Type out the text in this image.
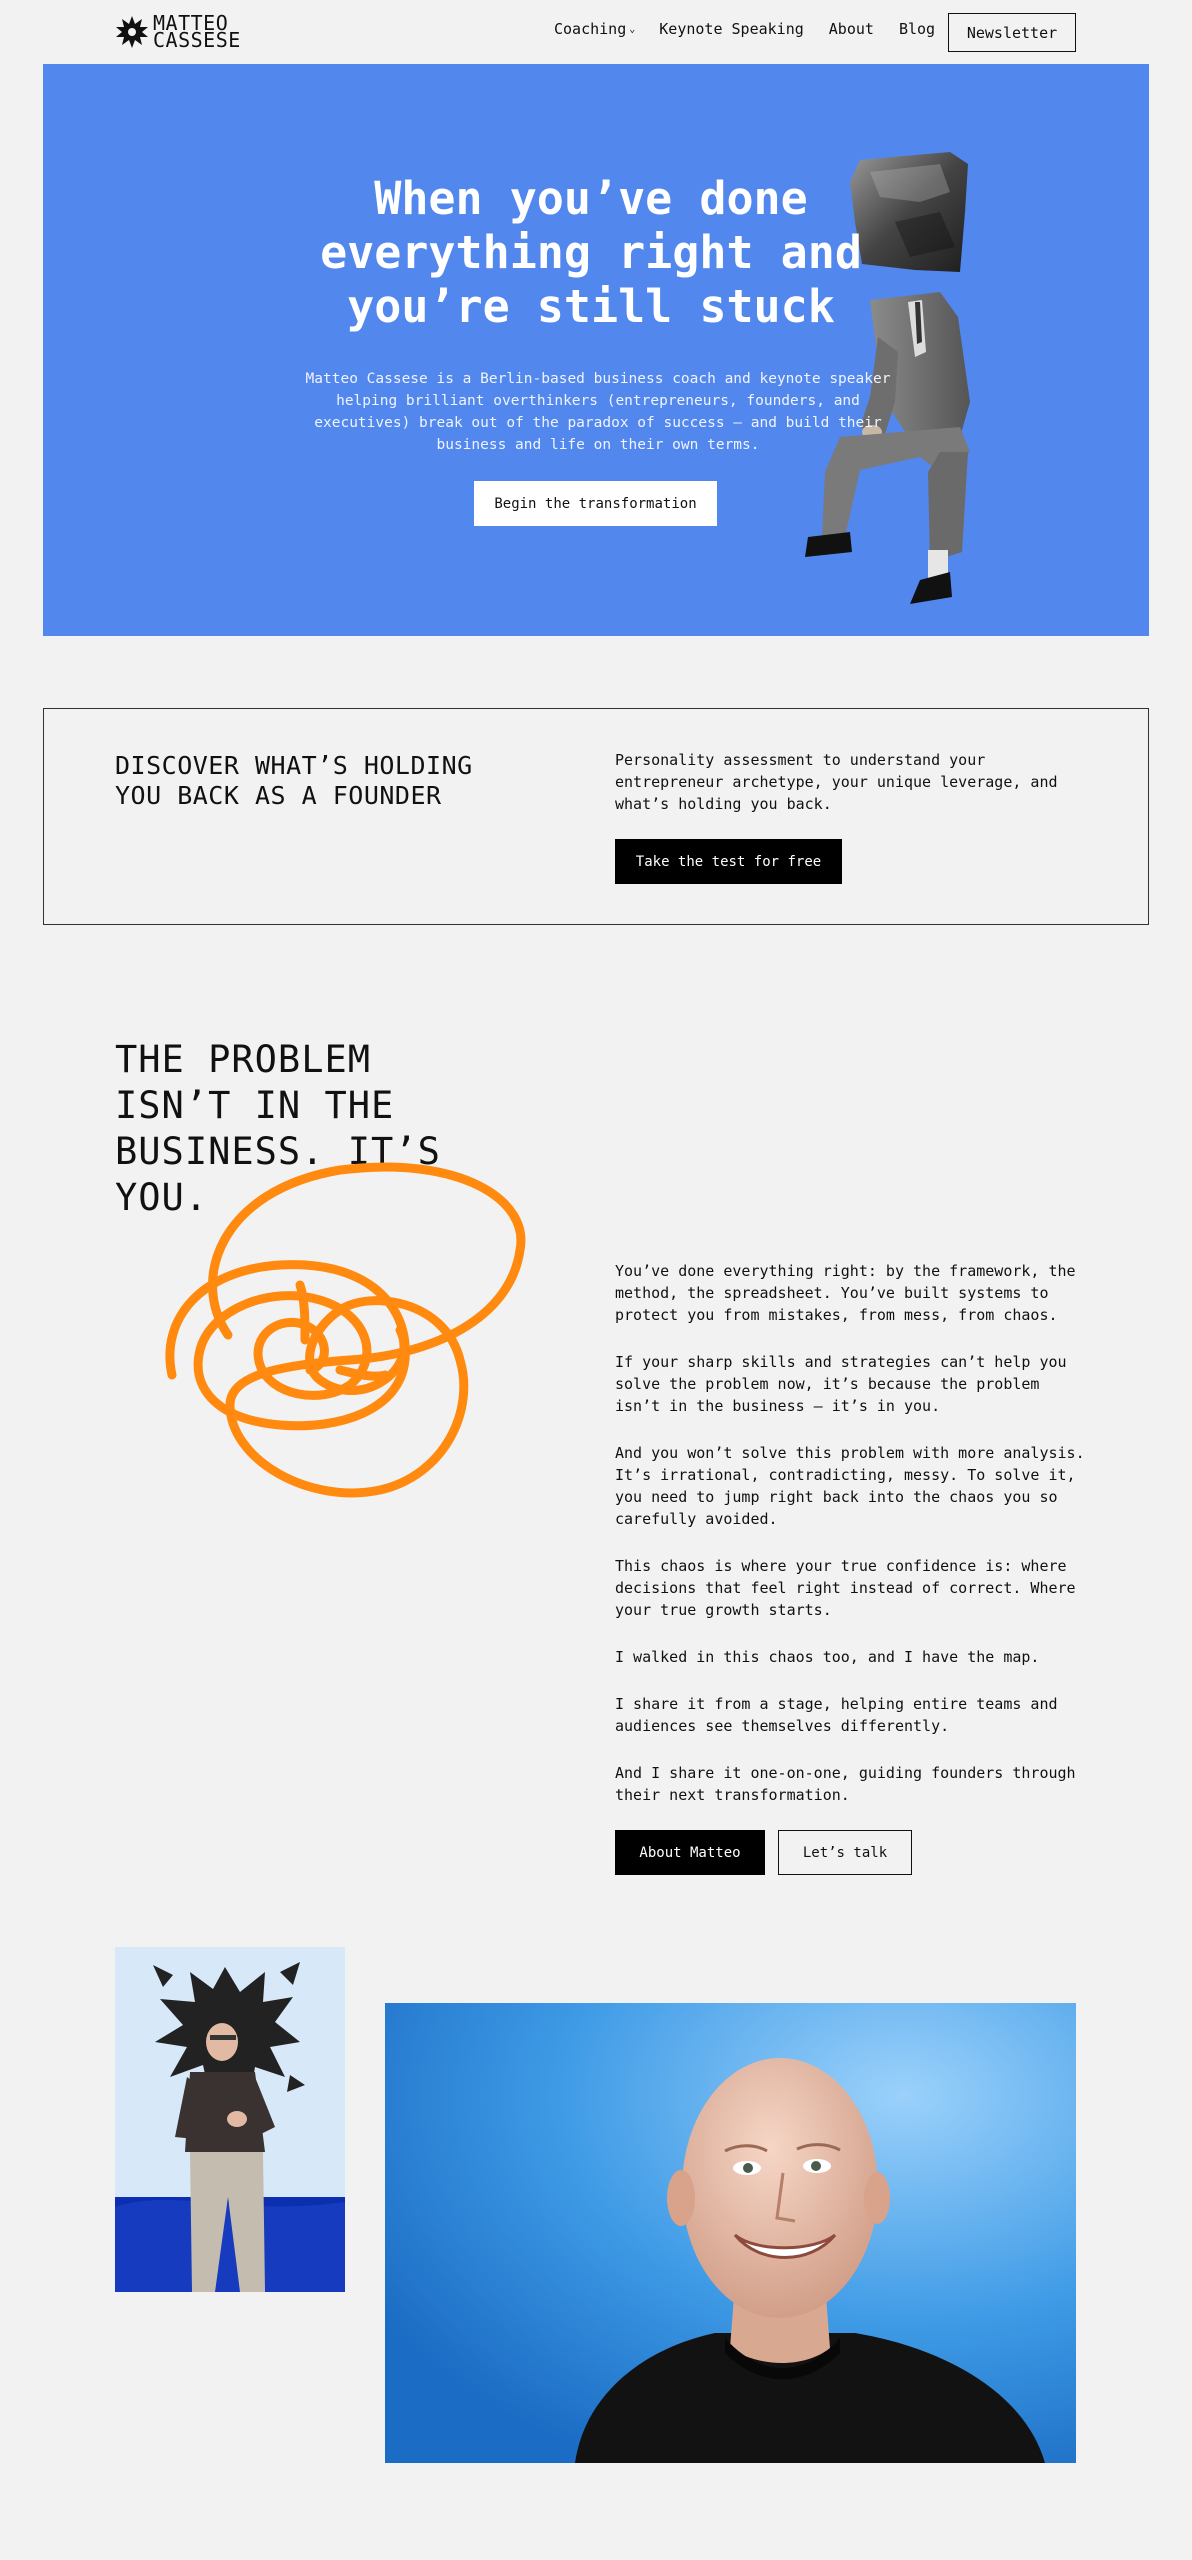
MATTEO
CASSESE	Coaching ⌄ Keynote Speaking About Blog	Newsletter
When you’ve done everything right and you’re still stuck
Matteo Cassese is a Berlin-based business coach and keynote speaker helping brilliant overthinkers (entrepreneurs, founders, and executives) break out of the paradox of success – and build their business and life on their own terms.
Begin the transformation
DISCOVER WHAT’S HOLDING YOU BACK AS A FOUNDER
Personality assessment to understand your entrepreneur archetype, your unique leverage, and what’s holding you back.
Take the test for free
THE PROBLEM ISN’T IN THE BUSINESS. IT’S YOU.

You’ve done everything right: by the framework, the method, the spreadsheet. You’ve built systems to protect you from mistakes, from mess, from chaos.

If your sharp skills and strategies can’t help you solve the problem now, it’s because the problem isn’t in the business – it’s in you.

And you won’t solve this problem with more analysis. It’s irrational, contradicting, messy. To solve it, you need to jump right back into the chaos you so carefully avoided.

This chaos is where your true confidence is: where decisions that feel right instead of correct. Where your true growth starts.

I walked in this chaos too, and I have the map.

I share it from a stage, helping entire teams and audiences see themselves differently.

And I share it one-on-one, guiding founders through their next transformation.

About Matteo	Let’s talk
